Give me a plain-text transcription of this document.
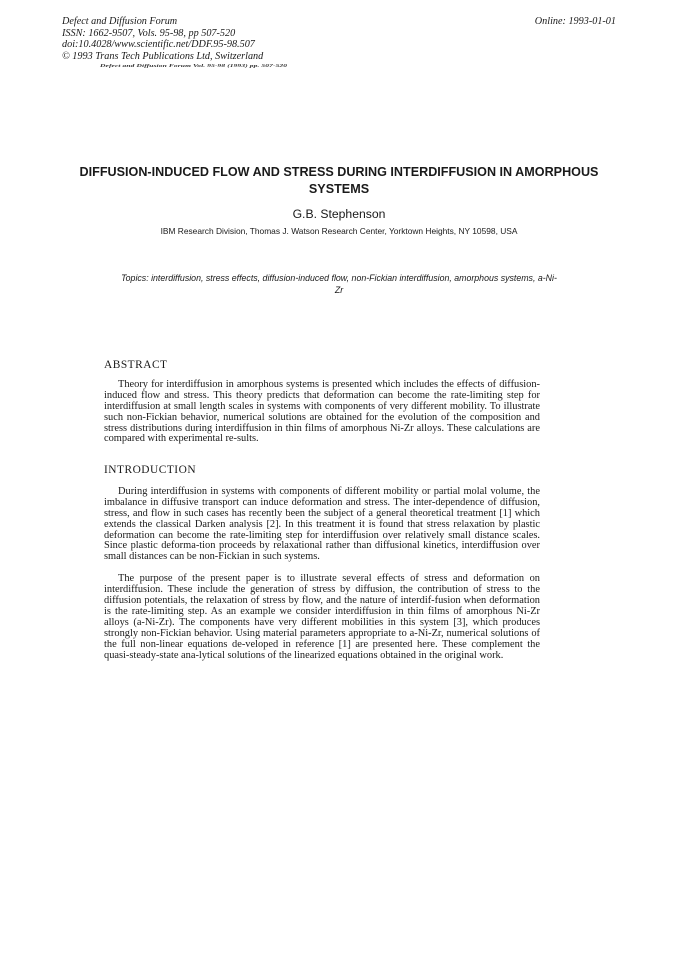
Defect and Diffusion Forum
ISSN: 1662-9507, Vols. 95-98, pp 507-520
doi:10.4028/www.scientific.net/DDF.95-98.507
© 1993 Trans Tech Publications Ltd, Switzerland
Online: 1993-01-01
Defect and Diffusion Forum Vol. 95-98 (1993) pp. 507-520
DIFFUSION-INDUCED FLOW AND STRESS DURING INTERDIFFUSION IN AMORPHOUS SYSTEMS
G.B. Stephenson
IBM Research Division, Thomas J. Watson Research Center, Yorktown Heights, NY 10598, USA
Topics: interdiffusion, stress effects, diffusion-induced flow, non-Fickian interdiffusion, amorphous systems, a-Ni-Zr
ABSTRACT

Theory for interdiffusion in amorphous systems is presented which includes the effects of diffusion-induced flow and stress. This theory predicts that deformation can become the rate-limiting step for interdiffusion at small length scales in systems with components of very different mobility. To illustrate such non-Fickian behavior, numerical solutions are obtained for the evolution of the composition and stress distributions during interdiffusion in thin films of amorphous Ni-Zr alloys. These calculations are compared with experimental re-sults.

INTRODUCTION

During interdiffusion in systems with components of different mobility or partial molal volume, the imbalance in diffusive transport can induce deformation and stress. The inter-dependence of diffusion, stress, and flow in such cases has recently been the subject of a general theoretical treatment [1] which extends the classical Darken analysis [2]. In this treatment it is found that stress relaxation by plastic deformation can become the rate-limiting step for interdiffusion over relatively small distance scales. Since plastic deforma-tion proceeds by relaxational rather than diffusional kinetics, interdiffusion over small distances can be non-Fickian in such systems.

The purpose of the present paper is to illustrate several effects of stress and deformation on interdiffusion. These include the generation of stress by diffusion, the contribution of stress to the diffusion potentials, the relaxation of stress by flow, and the nature of interdif-fusion when deformation is the rate-limiting step. As an example we consider interdiffusion in thin films of amorphous Ni-Zr alloys (a-Ni-Zr). The components have very different mobilities in this system [3], which produces strongly non-Fickian behavior. Using material parameters appropriate to a-Ni-Zr, numerical solutions of the full non-linear equations de-veloped in reference [1] are presented here. These complement the quasi-steady-state ana-lytical solutions of the linearized equations obtained in the original work.
